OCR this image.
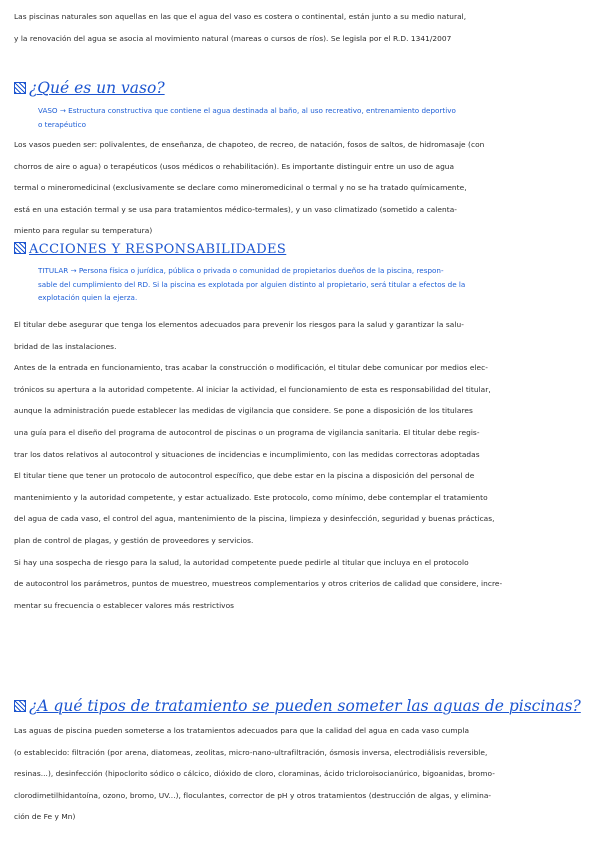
Las piscinas naturales son aquellas en las que el agua del vaso es costera o continental, están junto a su medio natural,
y la renovación del agua se asocia al movimiento natural (mareas o cursos de ríos). Se legisla por el R.D. 1341/2007
¿Qué es un vaso?
VASO → Estructura constructiva que contiene el agua destinada al baño, al uso recreativo, entrenamiento deportivo
o terapéutico
Los vasos pueden ser: polivalentes, de enseñanza, de chapoteo, de recreo, de natación, fosos de saltos, de hidromasaje (con
chorros de aire o agua) o terapéuticos (usos médicos o rehabilitación). Es importante distinguir entre un uso de agua
termal o mineromedicinal (exclusivamente se declare como mineromedicinal o termal y no se ha tratado químicamente,
está en una estación termal y se usa para tratamientos médico-termales), y un vaso climatizado (sometido a calenta-
miento para regular su temperatura)
ACCIONES Y RESPONSABILIDADES
TITULAR → Persona física o jurídica, pública o privada o comunidad de propietarios dueños de la piscina, respon-
sable del cumplimiento del RD. Si la piscina es explotada por alguien distinto al propietario, será titular a efectos de la
explotación quien la ejerza.
El titular debe asegurar que tenga los elementos adecuados para prevenir los riesgos para la salud y garantizar la salu-
bridad de las instalaciones.
Antes de la entrada en funcionamiento, tras acabar la construcción o modificación, el titular debe comunicar por medios elec-
trónicos su apertura a la autoridad competente. Al iniciar la actividad, el funcionamiento de esta es responsabilidad del titular,
aunque la administración puede establecer las medidas de vigilancia que considere. Se pone a disposición de los titulares
una guía para el diseño del programa de autocontrol de piscinas o un programa de vigilancia sanitaria. El titular debe regis-
trar los datos relativos al autocontrol y situaciones de incidencias e incumplimiento, con las medidas correctoras adoptadas
El titular tiene que tener un protocolo de autocontrol específico, que debe estar en la piscina a disposición del personal de
mantenimiento y la autoridad competente, y estar actualizado. Este protocolo, como mínimo, debe contemplar el tratamiento
del agua de cada vaso, el control del agua, mantenimiento de la piscina, limpieza y desinfección, seguridad y buenas prácticas,
plan de control de plagas, y gestión de proveedores y servicios.
Si hay una sospecha de riesgo para la salud, la autoridad competente puede pedirle al titular que incluya en el protocolo
de autocontrol los parámetros, puntos de muestreo, muestreos complementarios y otros criterios de calidad que considere, incre-
mentar su frecuencia o establecer valores más restrictivos
¿A qué tipos de tratamiento se pueden someter las aguas de piscinas?
Las aguas de piscina pueden someterse a los tratamientos adecuados para que la calidad del agua en cada vaso cumpla
(o establecido: filtración (por arena, diatomeas, zeolitas, micro-nano-ultrafiltración, ósmosis inversa, electrodiálisis reversible,
resinas...), desinfección (hipoclorito sódico o cálcico, dióxido de cloro, cloraminas, ácido tricloroisocianúrico, bigoanidas, bromo-
clorodimetilhidantoína, ozono, bromo, UV...), floculantes, corrector de pH y otros tratamientos (destrucción de algas, y elimina-
ción de Fe y Mn)
